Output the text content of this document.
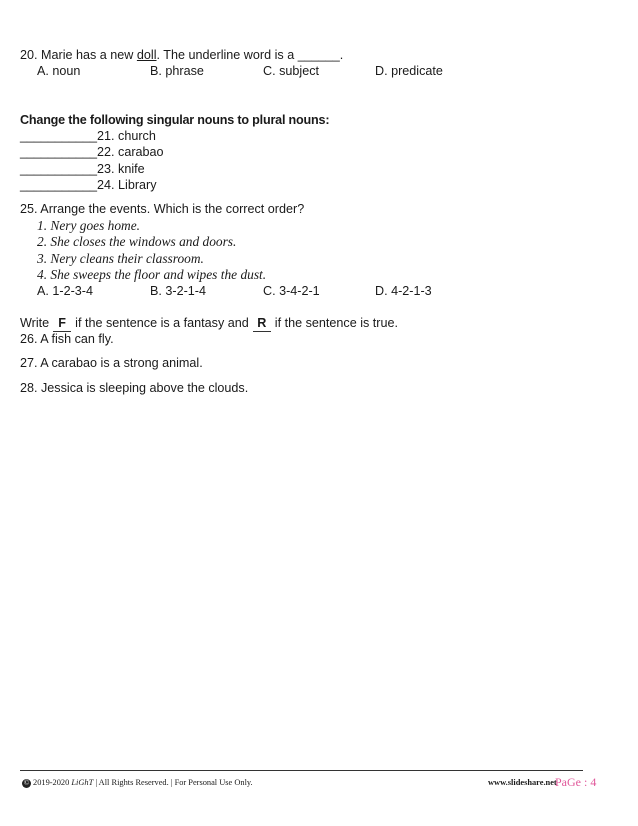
20. Marie has a new doll. The underline word is a ______.
A. noun	B. phrase	C. subject	D. predicate
Change the following singular nouns to plural nouns:
___________21. church
___________22. carabao
___________23. knife
___________24. Library
25. Arrange the events. Which is the correct order?
1. Nery goes home.
2. She closes the windows and doors.
3. Nery cleans their classroom.
4. She sweeps the floor and wipes the dust.
A. 1-2-3-4	B. 3-2-1-4	C. 3-4-2-1	D. 4-2-1-3
Write F if the sentence is a fantasy and R if the sentence is true.
26. A fish can fly.
27. A carabao is a strong animal.
28. Jessica is sleeping above the clouds.
© 2019-2020 LiGhT | All Rights Reserved. | For Personal Use Only.	www.slideshare.net
PaGe : 4
